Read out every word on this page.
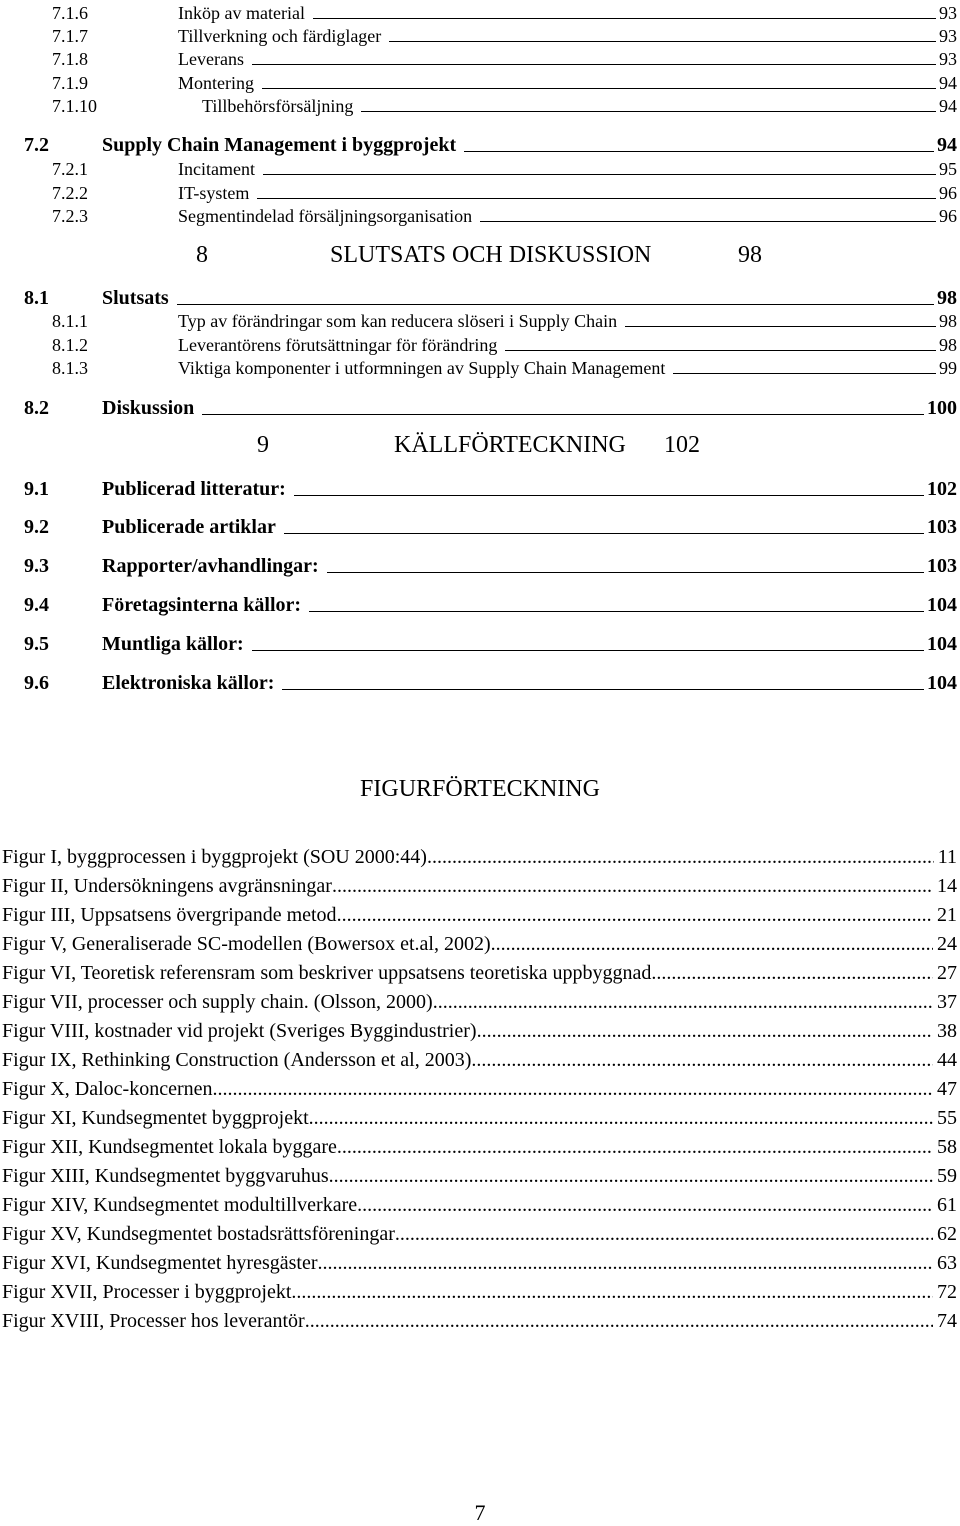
7.1.6	Inköp av material	93
7.1.7	Tillverkning och färdiglager	93
7.1.8	Leverans	93
7.1.9	Montering	94
7.1.10	Tillbehörsförsäljning	94
7.2	Supply Chain Management i byggprojekt	94
7.2.1	Incitament	95
7.2.2	IT-system	96
7.2.3	Segmentindelad försäljningsorganisation	96
8	SLUTSATS OCH DISKUSSION	98
8.1	Slutsats	98
8.1.1	Typ av förändringar som kan reducera slöseri i Supply Chain	98
8.1.2	Leverantörens förutsättningar för förändring	98
8.1.3	Viktiga komponenter i utformningen av Supply Chain Management	99
8.2	Diskussion	100
9	KÄLLFÖRTECKNING 102
9.1	Publicerad litteratur:	102
9.2	Publicerade artiklar	103
9.3	Rapporter/avhandlingar:	103
9.4	Företagsinterna källor:	104
9.5	Muntliga källor:	104
9.6	Elektroniska källor:	104
FIGURFÖRTECKNING
Figur I, byggprocessen i byggprojekt (SOU 2000:44) .....	11
Figur II, Undersökningens avgränsningar .....	14
Figur III, Uppsatsens övergripande metod .....	21
Figur V, Generaliserade SC-modellen (Bowersox et.al, 2002) .....	24
Figur VI, Teoretisk referensram som beskriver uppsatsens teoretiska uppbyggnad .....	27
Figur VII, processer och supply chain. (Olsson, 2000) .....	37
Figur VIII, kostnader vid projekt (Sveriges Byggindustrier) .....	38
Figur IX, Rethinking Construction (Andersson et al, 2003) .....	44
Figur X, Daloc-koncernen .....	47
Figur XI, Kundsegmentet byggprojekt .....	55
Figur XII, Kundsegmentet lokala byggare .....	58
Figur XIII, Kundsegmentet byggvaruhus .....	59
Figur XIV, Kundsegmentet modultillverkare .....	61
Figur XV, Kundsegmentet bostadsrättsföreningar .....	62
Figur XVI, Kundsegmentet hyresgäster .....	63
Figur XVII, Processer i byggprojekt .....	72
Figur XVIII, Processer hos leverantör .....	74
7
